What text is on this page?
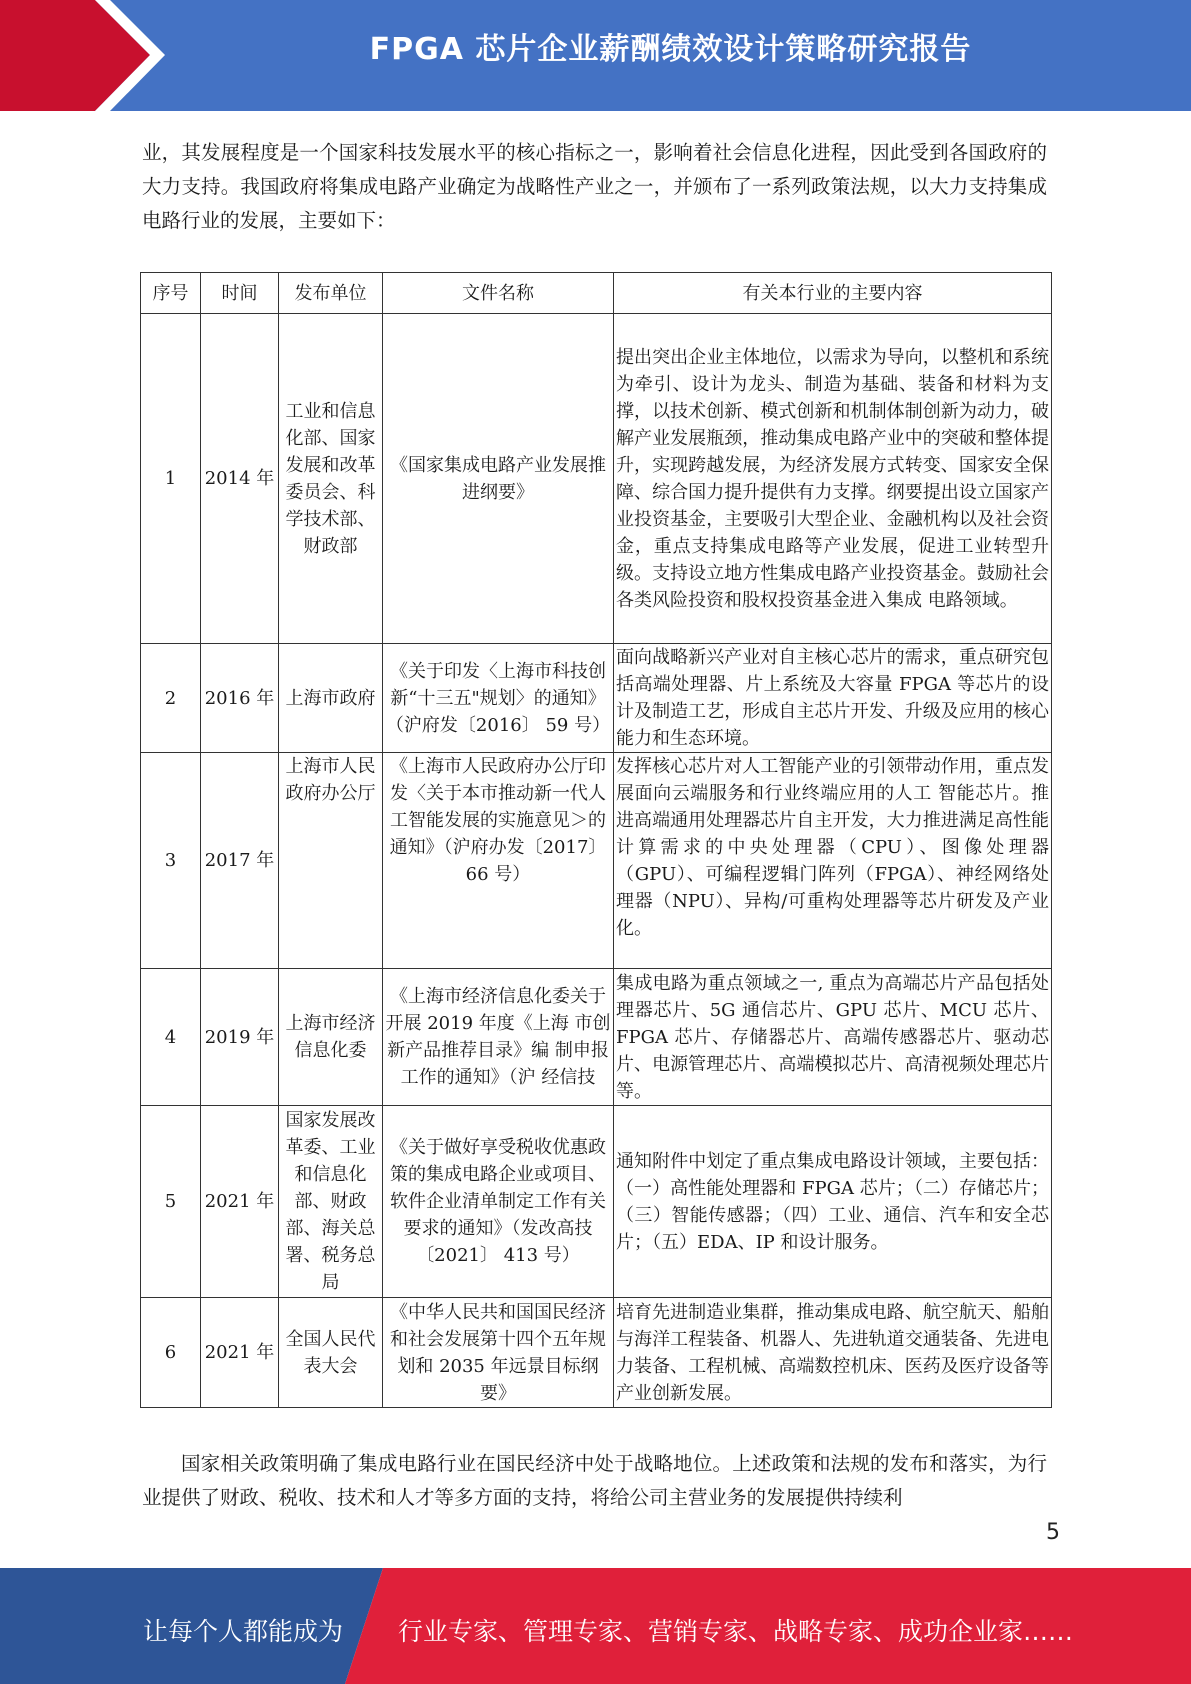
FPGA 芯片企业薪酬绩效设计策略研究报告
业，其发展程度是一个国家科技发展水平的核心指标之一，影响着社会信息化进程，因此受到各国政府的大力支持。我国政府将集成电路产业确定为战略性产业之一，并颁布了一系列政策法规，以大力支持集成电路行业的发展，主要如下：
序号	时间	发布单位	文件名称	有关本行业的主要内容
1	2014 年	工业和信息化部、国家发展和改革委员会、科学技术部、财政部	《国家集成电路产业发展推进纲要》	提出突出企业主体地位，以需求为导向，以整机和系统为牵引、设计为龙头、制造为基础、装备和材料为支撑，以技术创新、模式创新和机制体制创新为动力，破解产业发展瓶颈，推动集成电路产业中的突破和整体提升，实现跨越发展，为经济发展方式转变、国家安全保障、综合国力提升提供有力支撑。纲要提出设立国家产业投资基金，主要吸引大型企业、金融机构以及社会资金，重点支持集成电路等产业发展，促进工业转型升级。支持设立地方性集成电路产业投资基金。鼓励社会各类风险投资和股权投资基金进入集成 电路领域。
2	2016 年	上海市政府	《关于印发〈上海市科技创新“十三五"规划〉的通知》（沪府发〔2016〕 59 号）	面向战略新兴产业对自主核心芯片的需求，重点研究包括高端处理器、片上系统及大容量 FPGA 等芯片的设计及制造工艺，形成自主芯片开发、升级及应用的核心能力和生态环境。
3	2017 年	上海市人民政府办公厅	《上海市人民政府办公厅印发〈关于本市推动新一代人工智能发展的实施意见＞的通知》（沪府办发〔2017〕 66 号）	发挥核心芯片对人工智能产业的引领带动作用，重点发展面向云端服务和行业终端应用的人工 智能芯片。推进高端通用处理器芯片自主开发，大力推进满足高性能计算需求的中央处理器（CPU）、图像处理器（GPU）、可编程逻辑门阵列（FPGA）、神经网络处理器（NPU）、异构/可重构处理器等芯片研发及产业化。
4	2019 年	上海市经济信息化委	《上海市经济信息化委关于开展 2019 年度《上海 市创新产品推荐目录》编 制申报工作的通知》（沪 经信技	集成电路为重点领域之一, 重点为高端芯片产品包括处理器芯片、5G 通信芯片、GPU 芯片、MCU 芯片、FPGA 芯片、存储器芯片、高端传感器芯片、驱动芯片、电源管理芯片、高端模拟芯片、高清视频处理芯片等。
5	2021 年	国家发展改革委、工业和信息化部、财政部、海关总署、税务总局	《关于做好享受税收优惠政策的集成电路企业或项目、软件企业清单制定工作有关要求的通知》（发改高技〔2021〕 413 号）	通知附件中划定了重点集成电路设计领域，主要包括：（一）高性能处理器和 FPGA 芯片；（二）存储芯片；（三）智能传感器；（四）工业、通信、汽车和安全芯片；（五）EDA、IP 和设计服务。
6	2021 年	全国人民代表大会	《中华人民共和国国民经济和社会发展第十四个五年规划和 2035 年远景目标纲要》	培育先进制造业集群，推动集成电路、航空航天、船舶与海洋工程装备、机器人、先进轨道交通装备、先进电力装备、工程机械、高端数控机床、医药及医疗设备等产业创新发展。
国家相关政策明确了集成电路行业在国民经济中处于战略地位。上述政策和法规的发布和落实，为行业提供了财政、税收、技术和人才等多方面的支持，将给公司主营业务的发展提供持续利
5
让每个人都能成为 行业专家、管理专家、营销专家、战略专家、成功企业家……
